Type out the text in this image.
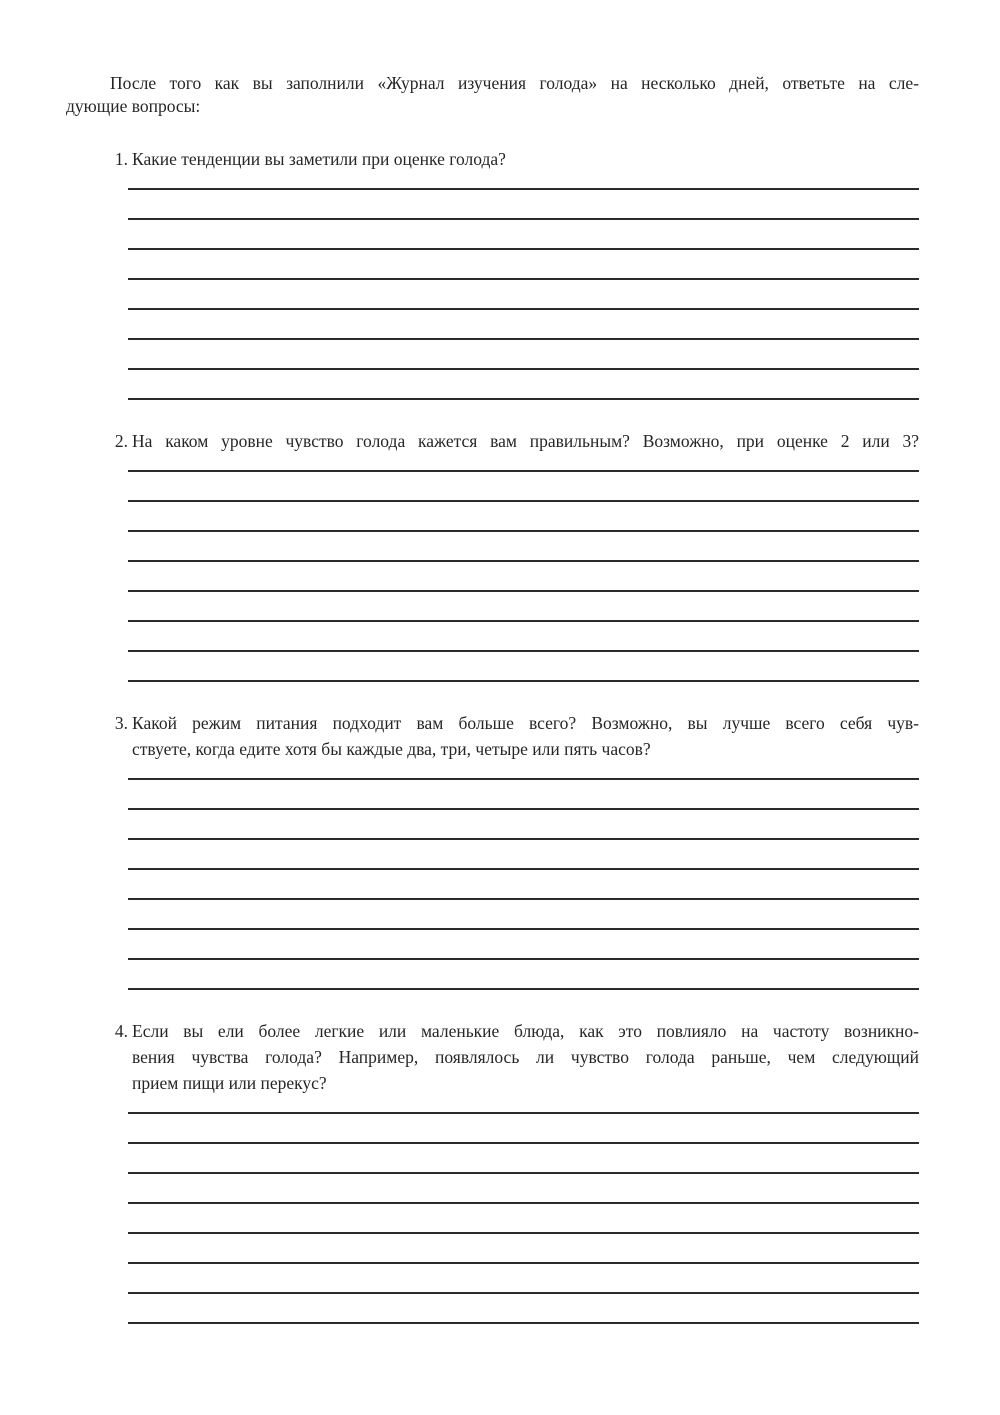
После того как вы заполнили «Журнал изучения голода» на несколько дней, ответьте на сле-
дующие вопросы:
1. Какие тенденции вы заметили при оценке голода?
2. На каком уровне чувство голода кажется вам правильным? Возможно, при оценке 2 или 3?
3. Какой режим питания подходит вам больше всего? Возможно, вы лучше всего себя чув-
ствуете, когда едите хотя бы каждые два, три, четыре или пять часов?
4. Если вы ели более легкие или маленькие блюда, как это повлияло на частоту возникно-
вения чувства голода? Например, появлялось ли чувство голода раньше, чем следующий
прием пищи или перекус?
